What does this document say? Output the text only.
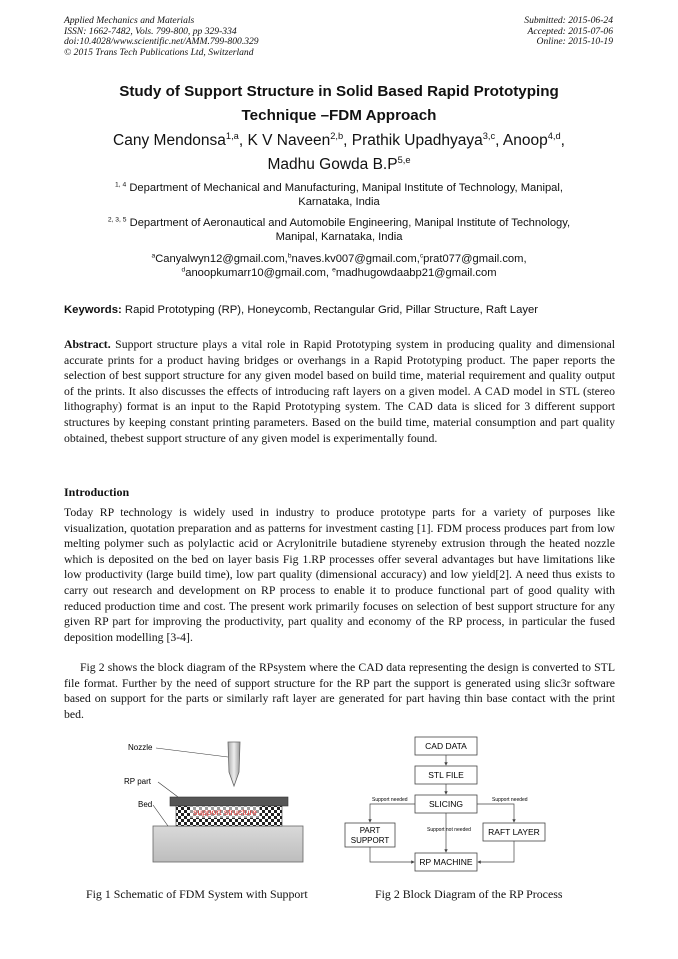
Applied Mechanics and Materials
ISSN: 1662-7482, Vols. 799-800, pp 329-334
doi:10.4028/www.scientific.net/AMM.799-800.329
© 2015 Trans Tech Publications Ltd, Switzerland
Submitted: 2015-06-24
Accepted: 2015-07-06
Online: 2015-10-19
Study of Support Structure in Solid Based Rapid Prototyping
Technique –FDM Approach
Cany Mendonsa$^{1,a}$, K V Naveen$^{2,b}$, Prathik Upadhyaya$^{3,c}$, Anoop$^{4,d}$,
Madhu Gowda $B.P^{5,e}$
$^{1, 4}$ Department of Mechanical and Manufacturing, Manipal Institute of Technology, Manipal,
Karnataka, India
$^{2, 3, 5}$ Department of Aeronautical and Automobile Engineering, Manipal Institute of Technology,
Manipal, Karnataka, India
$^a$Canyalwyn12@gmail.com,$^b$naves.kv007@gmail.com,$^c$prat077@gmail.com,
$^d$anoopkumarr10@gmail.com, $^e$madhugowdaabp21@gmail.com
Keywords: Rapid Prototyping (RP), Honeycomb, Rectangular Grid, Pillar Structure, Raft Layer
Abstract. Support structure plays a vital role in Rapid Prototyping system in producing quality and dimensional accurate prints for a product having bridges or overhangs in a Rapid Prototyping product. The paper reports the selection of best support structure for any given model based on build time, material requirement and quality output of the prints. It also discusses the effects of introducing raft layers on a given model. A CAD model in STL (stereo lithography) format is an input to the Rapid Prototyping system. The CAD data is sliced for 3 different support structures by keeping constant printing parameters. Based on the build time, material consumption and part quality obtained, thebest support structure of any given model is experimentally found.
Introduction
Today RP technology is widely used in industry to produce prototype parts for a variety of purposes like visualization, quotation preparation and as patterns for investment casting [1]. FDM process produces part from low melting polymer such as polylactic acid or Acrylonitrile butadiene styreneby extrusion through the heated nozzle which is deposited on the bed on layer basis Fig 1.RP processes offer several advantages but have limitations like low productivity (large build time), low part quality (dimensional accuracy) and low yield[2]. A need thus exists to carry out research and development on RP process to enable it to produce functional part of good quality with reduced production time and cost. The present work primarily focuses on selection of best support structure for any given RP part for improving the productivity, part quality and economy of the RP process, in particular the fused deposition modelling [3-4].
Fig 2 shows the block diagram of the RPsystem where the CAD data representing the design is converted to STL file format. Further by the need of support structure for the RP part the support is generated using slic3r software based on support for the parts or similarly raft layer are generated for part having thin base contact with the print bed.
support structure
Nozzle
RP part
Bed
CAD DATA
STL FILE
SLICING
PART
SUPPORT
RAFT LAYER
RP MACHINE
Support needed	Support needed
Support not needed
Fig 1 Schematic of FDM System with Support	Fig 2 Block Diagram of the RP Process
